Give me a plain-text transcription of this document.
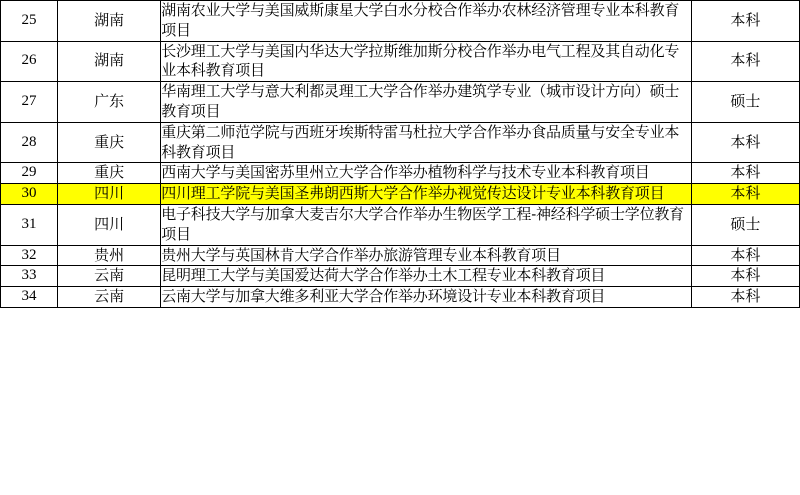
25	湖南	湖南农业大学与美国威斯康星大学白水分校合作举办农林经济管理专业本科教育项目	本科
26	湖南	长沙理工大学与美国内华达大学拉斯维加斯分校合作举办电气工程及其自动化专业本科教育项目	本科
27	广东	华南理工大学与意大利都灵理工大学合作举办建筑学专业（城市设计方向）硕士教育项目	硕士
28	重庆	重庆第二师范学院与西班牙埃斯特雷马杜拉大学合作举办食品质量与安全专业本科教育项目	本科
29	重庆	西南大学与美国密苏里州立大学合作举办植物科学与技术专业本科教育项目	本科
30	四川	四川理工学院与美国圣弗朗西斯大学合作举办视觉传达设计专业本科教育项目	本科
31	四川	电子科技大学与加拿大麦吉尔大学合作举办生物医学工程-神经科学硕士学位教育项目	硕士
32	贵州	贵州大学与英国林肯大学合作举办旅游管理专业本科教育项目	本科
33	云南	昆明理工大学与美国爱达荷大学合作举办土木工程专业本科教育项目	本科
34	云南	云南大学与加拿大维多利亚大学合作举办环境设计专业本科教育项目	本科
